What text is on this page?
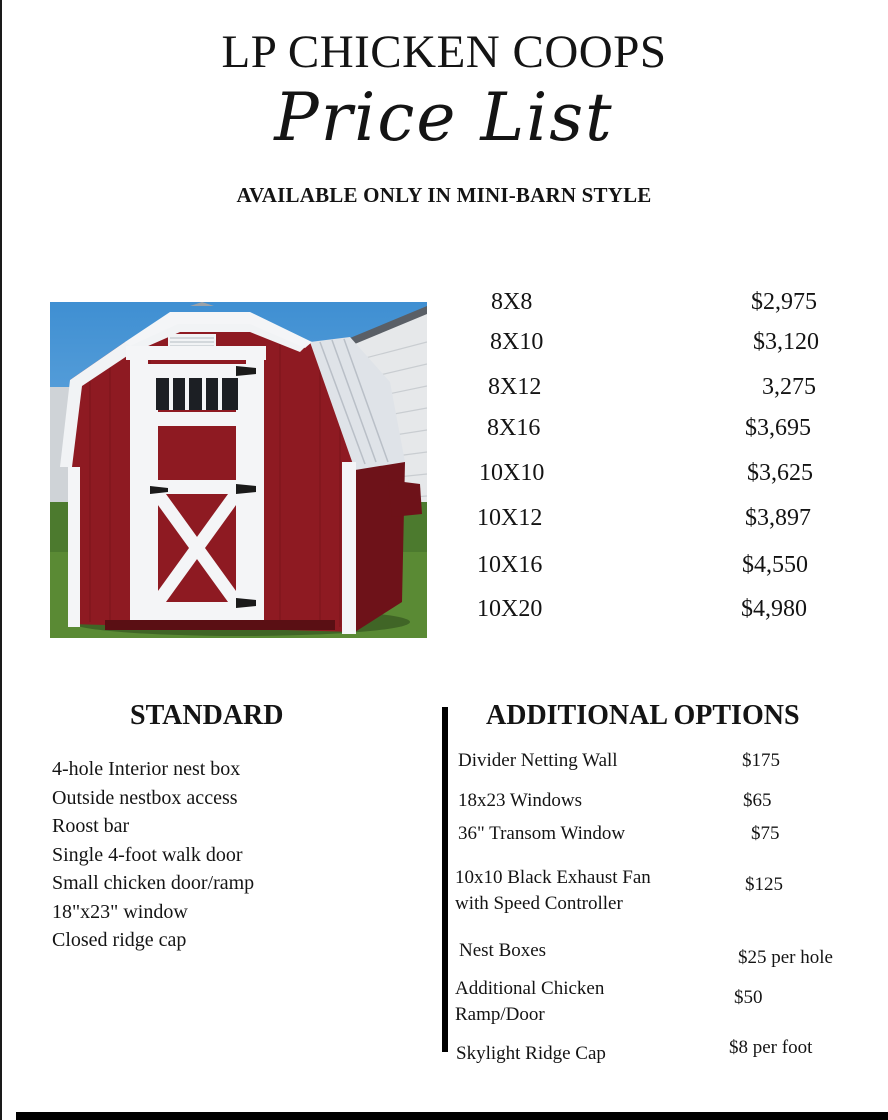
LP CHICKEN COOPS
Price List
AVAILABLE ONLY IN MINI-BARN STYLE
8X8	$2,975
8X10	$3,120
8X12	3,275
8X16	$3,695
10X10	$3,625
10X12	$3,897
10X16	$4,550
10X20	$4,980
STANDARD
4-hole Interior nest box
Outside nestbox access
Roost bar
Single 4-foot walk door
Small chicken door/ramp
18"x23" window
Closed ridge cap
ADDITIONAL OPTIONS
Divider Netting Wall	$175
18x23 Windows	$65
36" Transom Window	$75
10x10 Black Exhaust Fan
with Speed Controller
$125
Nest Boxes	$25 per hole
Additional Chicken
Ramp/Door
$50
Skylight Ridge Cap	$8 per foot
